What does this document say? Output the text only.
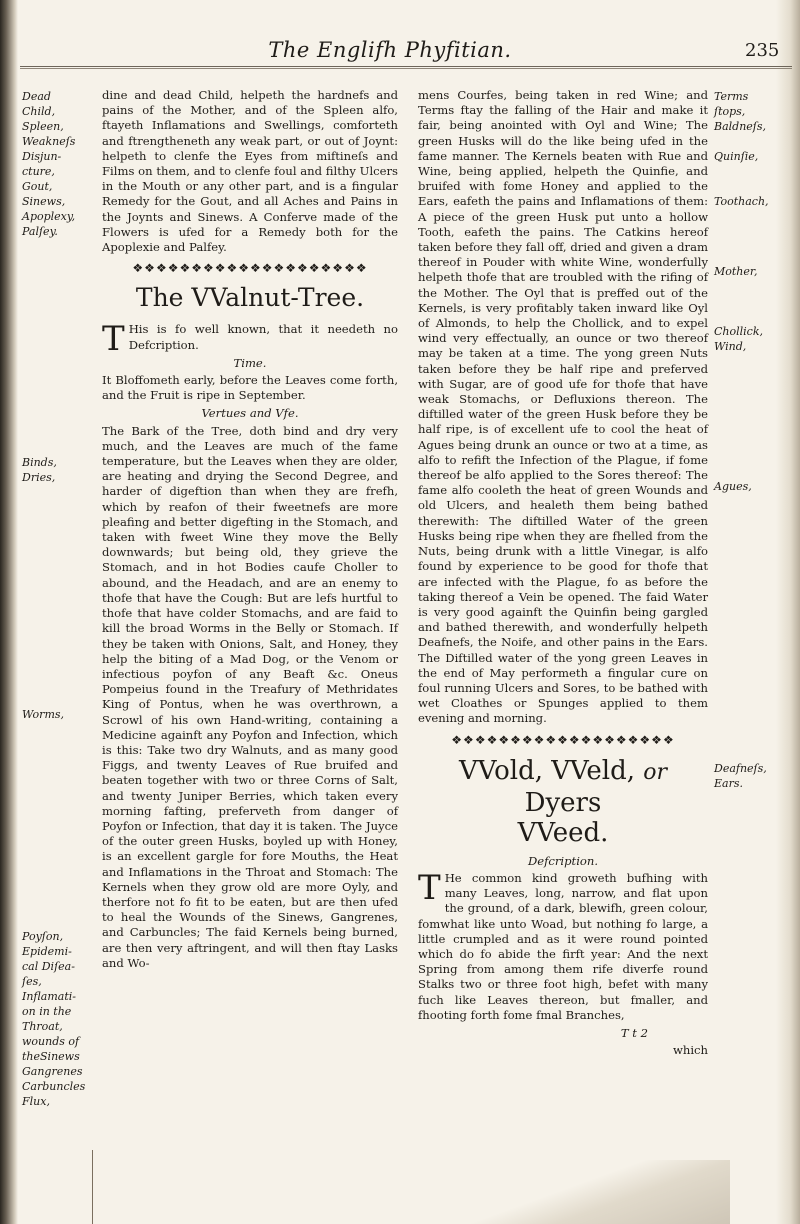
The Englifh Phyfitian.	235
Dead
Child,
Spleen,
Weakneſs
Disjun-
cture,
Gout,
Sinews,
Apoplexy,
Palſey.
Binds,
Dries,
Worms,
Poyſon,
Epidemi-
cal Diſea-
ſes,
Inflamati-
on in the
Throat,
wounds of
theSinews
Gangrenes
Carbuncles
Flux,
Terms
ſtops,
Baldneſs,
Quinſie,
Toothach,
Mother,
Chollick,
Wind,
Agues,
Deafneſs,
Ears.

dine and dead Child, helpeth the hardnefs and pains of the Mother, and of the Spleen alfo, ftayeth Inflamations and Swellings, comforteth and ftrengtheneth any weak part, or out of Joynt: helpeth to clenfe the Eyes from miftineſs and Films on them, and to clenfe foul and filthy Ulcers in the Mouth or any other part, and is a fingular Remedy for the Gout, and all Aches and Pains in the Joynts and Sinews. A Conferve made of the Flowers is ufed for a Remedy both for the Apoplexie and Palfey.

❖❖❖❖❖❖❖❖❖❖❖❖❖❖❖❖❖❖❖❖
The VValnut-Tree.

T His is fo well known, that it needeth no Defcription.

Time.

It Bloffometh early, before the Leaves come forth, and the Fruit is ripe in September.

Vertues and Vfe.

The Bark of the Tree, doth bind and dry very much, and the Leaves are much of the fame temperature, but the Leaves when they are older, are heating and drying the Second Degree, and harder of digeftion than when they are frefh, which by reafon of their fweetnefs are more pleafing and better digefting in the Stomach, and taken with fweet Wine they move the Belly downwards; but being old, they grieve the Stomach, and in hot Bodies caufe Choller to abound, and the Headach, and are an enemy to thofe that have the Cough: But are lefs hurtful to thofe that have colder Stomachs, and are faid to kill the broad Worms in the Belly or Stomach. If they be taken with Onions, Salt, and Honey, they help the biting of a Mad Dog, or the Venom or infectious poyfon of any Beaft &c. Oneus Pompeius found in the Treafury of Methridates King of Pontus, when he was overthrown, a Scrowl of his own Hand-writing, containing a Medicine againft any Poyfon and Infection, which is this: Take two dry Walnuts, and as many good Figgs, and twenty Leaves of Rue bruifed and beaten together with two or three Corns of Salt, and twenty Juniper Berries, which taken every morning fafting, preferveth from danger of Poyfon or Infection, that day it is taken. The Juyce of the outer green Husks, boyled up with Honey, is an excellent gargle for fore Mouths, the Heat and Inflamations in the Throat and Stomach: The Kernels when they grow old are more Oyly, and therfore not fo fit to be eaten, but are then ufed to heal the Wounds of the Sinews, Gangrenes, and Carbuncles; The faid Kernels being burned, are then very aftringent, and will then ftay Lasks and Wo-

mens Courfes, being taken in red Wine; and Terms ftay the falling of the Hair and make it fair, being anointed with Oyl and Wine; The green Husks will do the like being ufed in the fame manner. The Kernels beaten with Rue and Wine, being applied, helpeth the Quinfie, and bruifed with fome Honey and applied to the Ears, eafeth the pains and Inflamations of them: A piece of the green Husk put unto a hollow Tooth, eafeth the pains. The Catkins hereof taken before they fall off, dried and given a dram thereof in Pouder with white Wine, wonderfully helpeth thofe that are troubled with the rifing of the Mother. The Oyl that is preffed out of the Kernels, is very profitably taken inward like Oyl of Almonds, to help the Chollick, and to expel wind very effectually, an ounce or two thereof may be taken at a time. The yong green Nuts taken before they be half ripe and preferved with Sugar, are of good ufe for thofe that have weak Stomachs, or Defluxions thereon. The diftilled water of the green Husk before they be half ripe, is of excellent ufe to cool the heat of Agues being drunk an ounce or two at a time, as alfo to refift the Infection of the Plague, if fome thereof be alfo applied to the Sores thereof: The fame alfo cooleth the heat of green Wounds and old Ulcers, and healeth them being bathed therewith: The diftilled Water of the green Husks being ripe when they are fhelled from the Nuts, being drunk with a little Vinegar, is alfo found by experience to be good for thofe that are infected with the Plague, fo as before the taking thereof a Vein be opened. The faid Water is very good againft the Quinfin being gargled and bathed therewith, and wonderfully helpeth Deafnefs, the Noife, and other pains in the Ears. The Diftilled water of the yong green Leaves in the end of May performeth a fingular cure on foul running Ulcers and Sores, to be bathed with wet Cloathes or Spunges applied to them evening and morning.

❖❖❖❖❖❖❖❖❖❖❖❖❖❖❖❖❖❖❖
VVold, VVeld, or Dyers
VVeed.
Defcription.

T He common kind groweth bufhing with many Leaves, long, narrow, and flat upon the ground, of a dark, blewifh, green colour, fomwhat like unto Woad, but nothing fo large, a little crumpled and as it were round pointed which do fo abide the firft year: And the next Spring from among them rife diverfe round Stalks two or three foot high, befet with many fuch like Leaves thereon, but fmaller, and fhooting forth fome fmal Branches,

T t 2
which
